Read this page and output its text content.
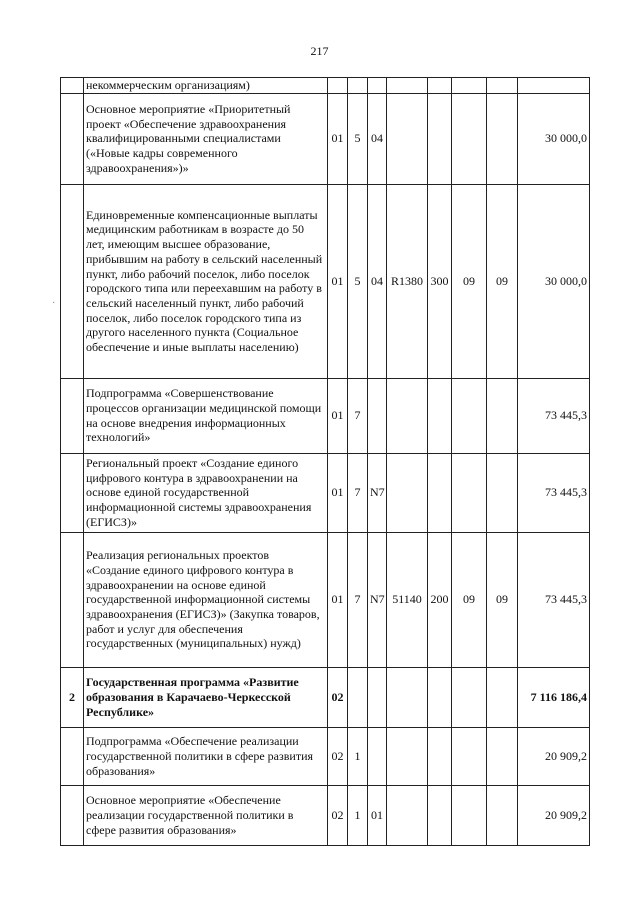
217
·
	некоммерческим организациям)								
	Основное мероприятие «Приоритетный проект «Обеспечение здравоохранения квалифицированными специалистами («Новые кадры современного здравоохранения»)»	01	5	04					30 000,0
	Единовременные компенсационные выплаты медицинским работникам в возрасте до 50 лет, имеющим высшее образование, прибывшим на работу в сельский населенный пункт, либо рабочий поселок, либо поселок городского типа или переехавшим на работу в сельский населенный пункт, либо рабочий поселок, либо поселок городского типа из другого населенного пункта (Социальное обеспечение и иные выплаты населению)	01	5	04	R1380	300	09	09	30 000,0
	Подпрограмма «Совершенствование процессов организации медицинской помощи на основе внедрения информационных технологий»	01	7						73 445,3
	Региональный проект «Создание единого цифрового контура в здравоохранении на основе единой государственной информационной системы здравоохранения (ЕГИСЗ)»	01	7	N7					73 445,3
	Реализация региональных проектов «Создание единого цифрового контура в здравоохранении на основе единой государственной информационной системы здравоохранения (ЕГИСЗ)» (Закупка товаров, работ и услуг для обеспечения государственных (муниципальных) нужд)	01	7	N7	51140	200	09	09	73 445,3
2	Государственная программа «Развитие образования в Карачаево-Черкесской Республике»	02							7 116 186,4
	Подпрограмма «Обеспечение реализации государственной политики в сфере развития образования»	02	1						20 909,2
	Основное мероприятие «Обеспечение реализации государственной политики в сфере развития образования»	02	1	01					20 909,2
